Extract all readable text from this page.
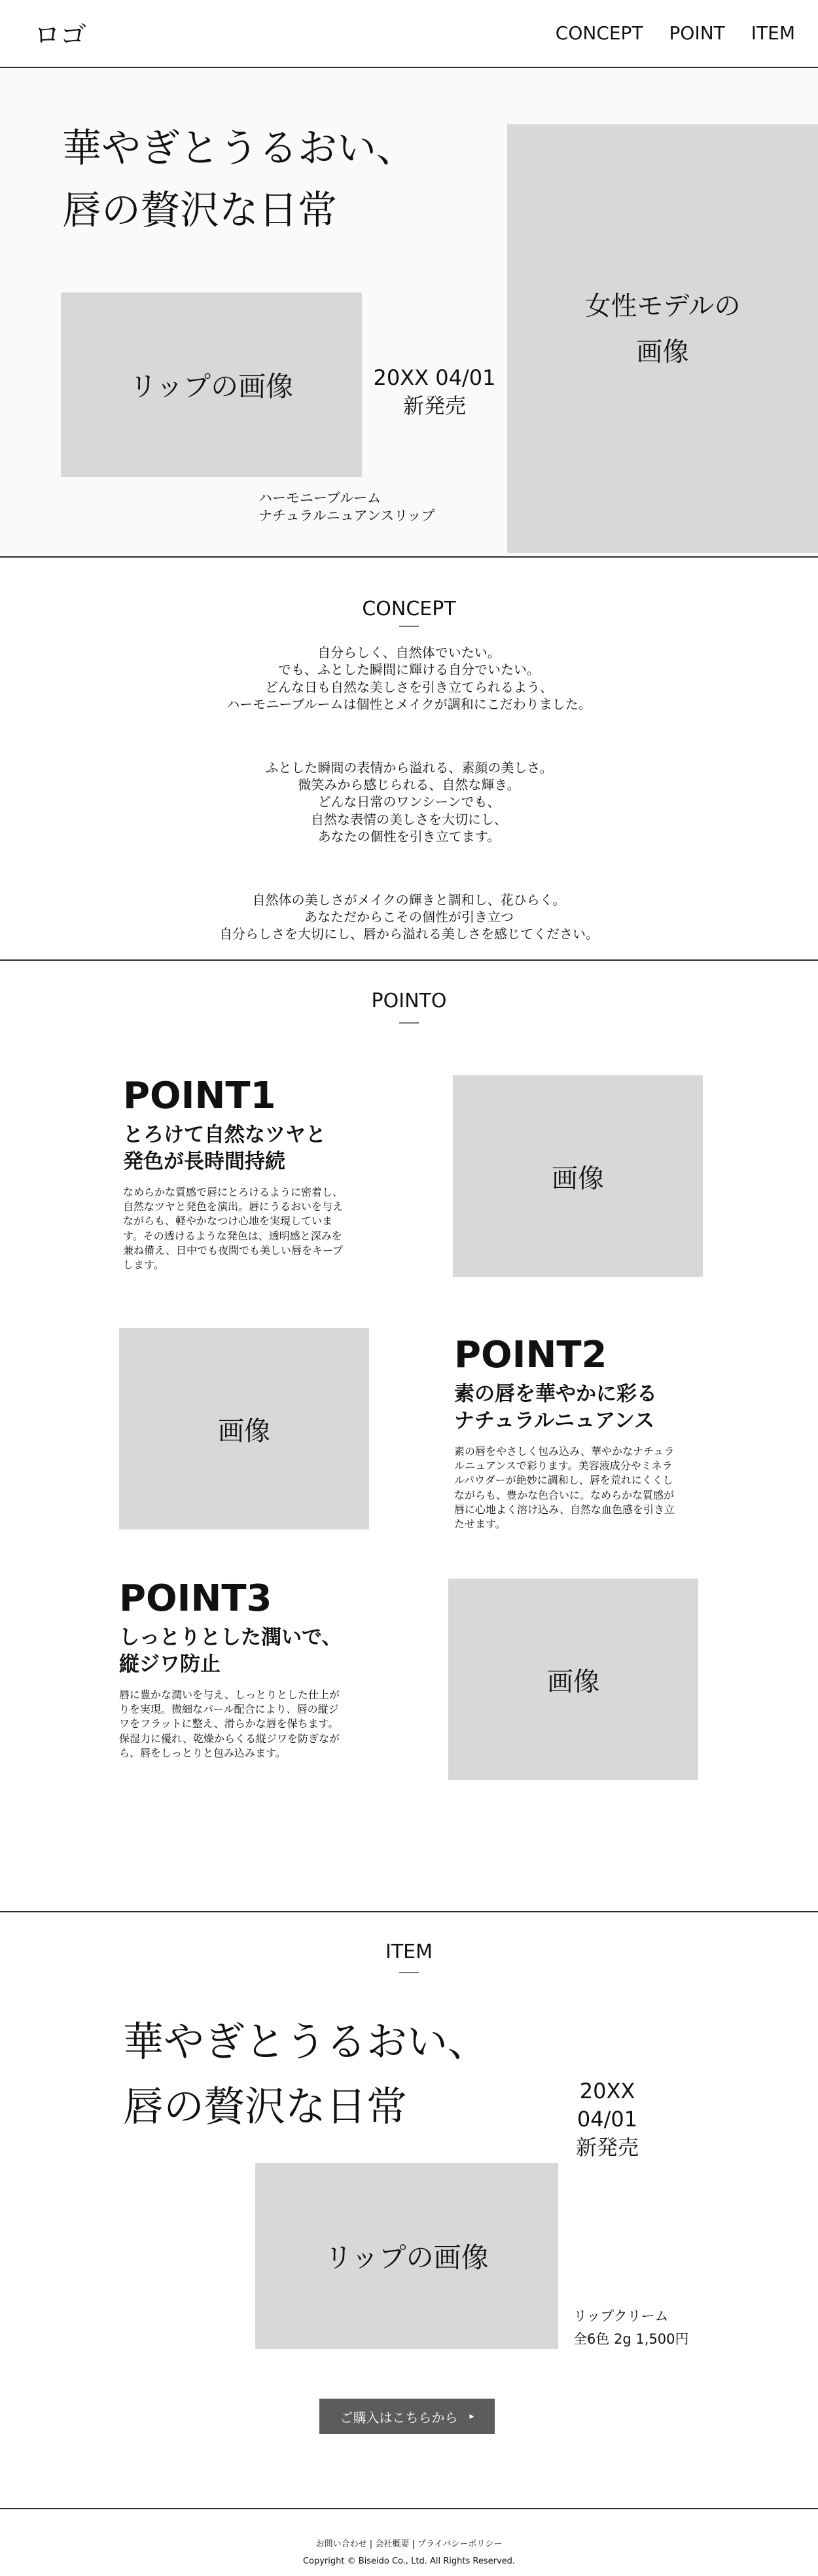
ロゴ	CONCEPT POINT ITEM
華やぎとうるおい、
唇の贅沢な日常
リップの画像	20XX 04/01
新発売
女性モデルの
画像
ハーモニーブルーム
ナチュラルニュアンスリップ
CONCEPT

自分らしく、自然体でいたい。
でも、ふとした瞬間に輝ける自分でいたい。
どんな日も自然な美しさを引き立てられるよう、
ハーモニーブルームは個性とメイクが調和にこだわりました。

ふとした瞬間の表情から溢れる、素顔の美しさ。
微笑みから感じられる、自然な輝き。
どんな日常のワンシーンでも、
自然な表情の美しさを大切にし、
あなたの個性を引き立てます。

自然体の美しさがメイクの輝きと調和し、花ひらく。
あなただからこその個性が引き立つ
自分らしさを大切にし、唇から溢れる美しさを感じてください。

POINTO
POINT1
とろけて自然なツヤと
発色が長時間持続
なめらかな質感で唇にとろけるように密着し、
自然なツヤと発色を演出。唇にうるおいを与え
ながらも、軽やかなつけ心地を実現していま
す。その透けるような発色は、透明感と深みを
兼ね備え、日中でも夜間でも美しい唇をキープ
します。
画像
画像
POINT2
素の唇を華やかに彩る
ナチュラルニュアンス
素の唇をやさしく包み込み、華やかなナチュラ
ルニュアンスで彩ります。美容液成分やミネラ
ルパウダーが絶妙に調和し、唇を荒れにくくし
ながらも、豊かな色合いに。なめらかな質感が
唇に心地よく溶け込み、自然な血色感を引き立
たせます。
POINT3
しっとりとした潤いで、
縦ジワ防止
唇に豊かな潤いを与え、しっとりとした仕上が
りを実現。微細なパール配合により、唇の縦ジ
ワをフラットに整え、滑らかな唇を保ちます。
保湿力に優れ、乾燥からくる縦ジワを防ぎなが
ら、唇をしっとりと包み込みます。
画像
ITEM
華やぎとうるおい、
唇の贅沢な日常	20XX 04/01
新発売
リップの画像
リップクリーム
全6色 2g 1,500円
ご購入はこちらから ▸
お問い合わせ | 会社概要 | プライバシーポリシー
Copyright © Biseido Co., Ltd. All Rights Reserved.
